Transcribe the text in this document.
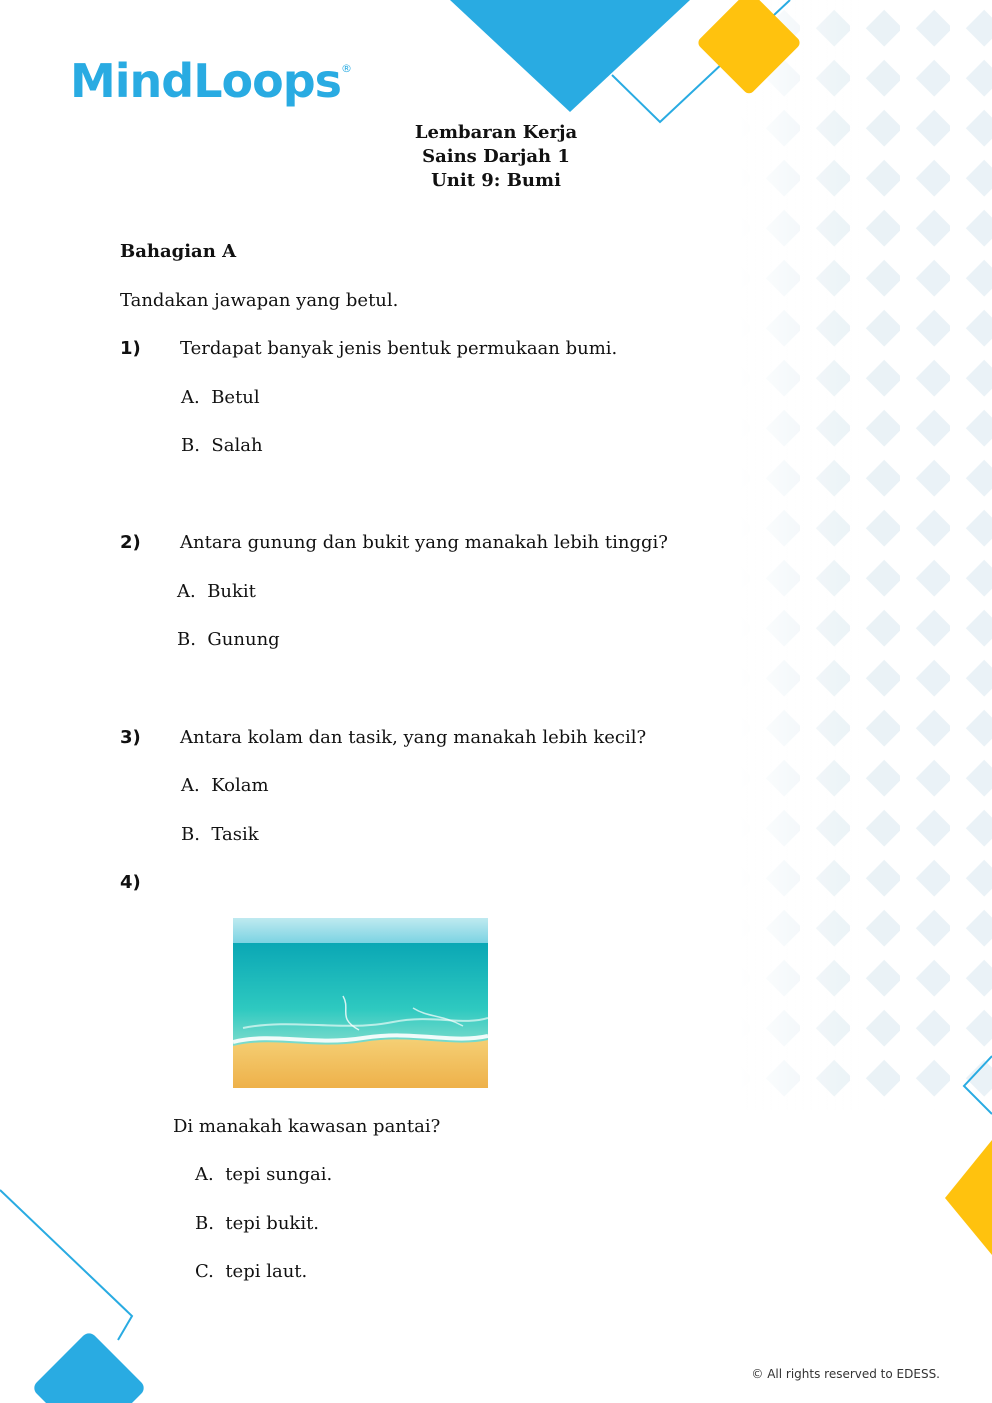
MindLoops®
Lembaran Kerja
Sains Darjah 1
Unit 9: Bumi
Bahagian A
Tandakan jawapan yang betul.
1) Terdapat banyak jenis bentuk permukaan bumi.
A. Betul
B. Salah
2) Antara gunung dan bukit yang manakah lebih tinggi?
A. Bukit
B. Gunung
3) Antara kolam dan tasik, yang manakah lebih kecil?
A. Kolam
B. Tasik
4)
Di manakah kawasan pantai?
A. tepi sungai.
B. tepi bukit.
C. tepi laut.
© All rights reserved to EDESS.
